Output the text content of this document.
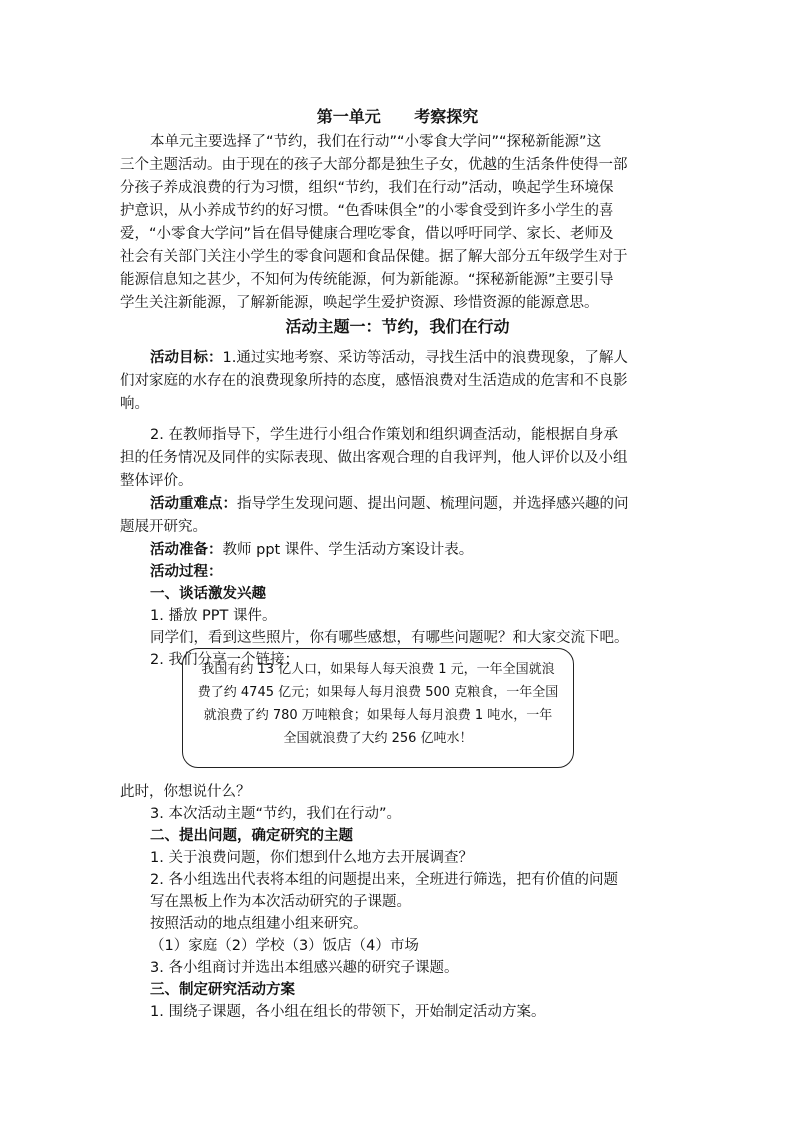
第一单元      考察探究
本单元主要选择了“节约，我们在行动”“小零食大学问”“探秘新能源”这
三个主题活动。由于现在的孩子大部分都是独生子女，优越的生活条件使得一部
分孩子养成浪费的行为习惯，组织“节约，我们在行动”活动，唤起学生环境保
护意识，从小养成节约的好习惯。“色香味俱全”的小零食受到许多小学生的喜
爱，“小零食大学问”旨在倡导健康合理吃零食，借以呼吁同学、家长、老师及
社会有关部门关注小学生的零食问题和食品保健。据了解大部分五年级学生对于
能源信息知之甚少，不知何为传统能源，何为新能源。“探秘新能源”主要引导
学生关注新能源，了解新能源，唤起学生爱护资源、珍惜资源的能源意思。
活动主题一：节约，我们在行动
活动目标：1.通过实地考察、采访等活动，寻找生活中的浪费现象，了解人
们对家庭的水存在的浪费现象所持的态度，感悟浪费对生活造成的危害和不良影
响。
2. 在教师指导下，学生进行小组合作策划和组织调查活动，能根据自身承
担的任务情况及同伴的实际表现、做出客观合理的自我评判，他人评价以及小组
整体评价。
活动重难点：指导学生发现问题、提出问题、梳理问题，并选择感兴趣的问
题展开研究。
活动准备：教师 ppt 课件、学生活动方案设计表。
活动过程：
一、谈话激发兴趣
1. 播放 PPT 课件。
同学们，看到这些照片，你有哪些感想，有哪些问题呢？和大家交流下吧。
2. 我们分享一个链接：
我国有约 13 亿人口，如果每人每天浪费 1 元，一年全国就浪
费了约 4745 亿元；如果每人每月浪费 500 克粮食，一年全国
就浪费了约 780 万吨粮食；如果每人每月浪费 1 吨水，一年
全国就浪费了大约 256 亿吨水！
此时，你想说什么？
3. 本次活动主题“节约，我们在行动”。
二、提出问题，确定研究的主题
1. 关于浪费问题，你们想到什么地方去开展调查？
2. 各小组选出代表将本组的问题提出来，全班进行筛选，把有价值的问题
写在黑板上作为本次活动研究的子课题。
按照活动的地点组建小组来研究。
（1）家庭（2）学校（3）饭店（4）市场
3. 各小组商讨并选出本组感兴趣的研究子课题。
三、制定研究活动方案
1. 围绕子课题，各小组在组长的带领下，开始制定活动方案。
